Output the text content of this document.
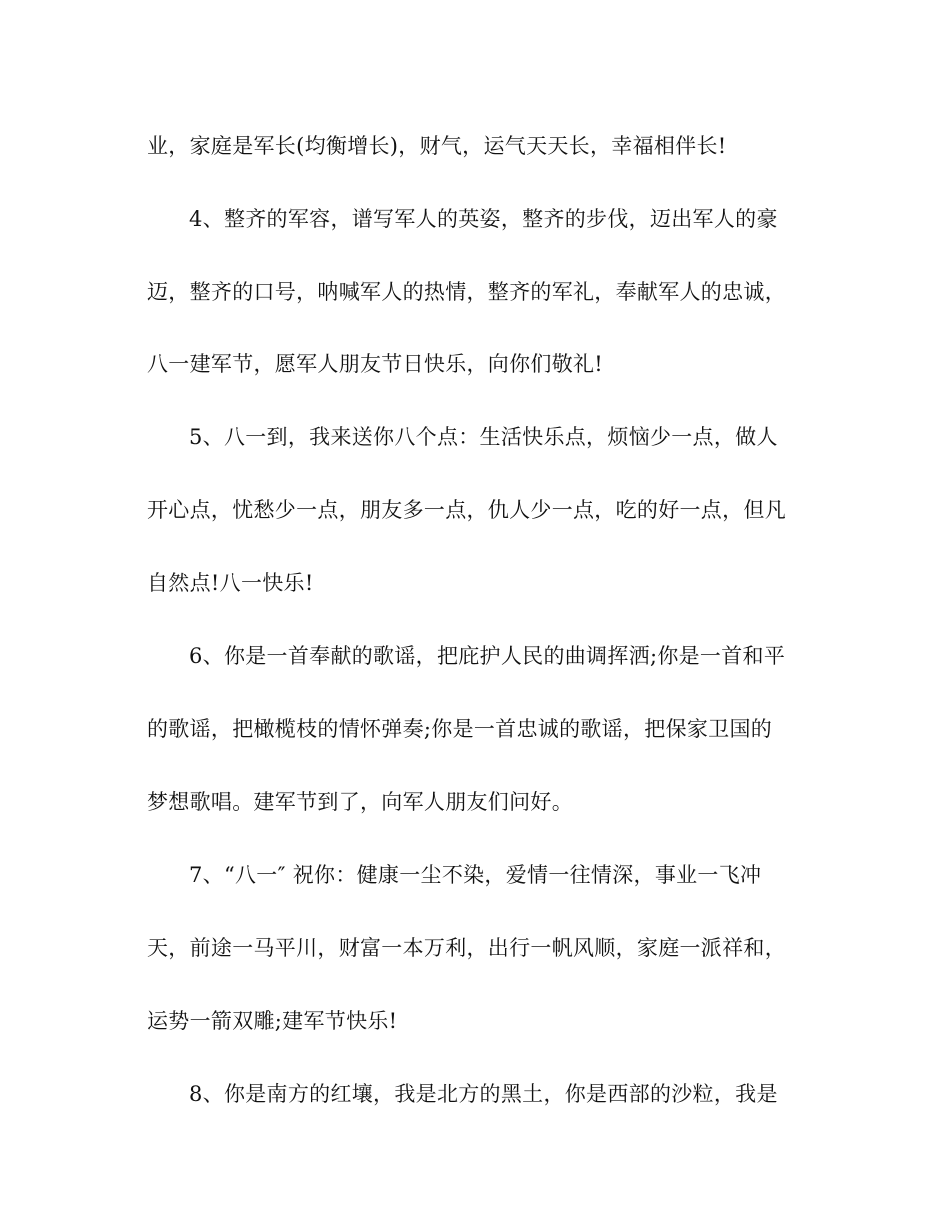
业，家庭是军长(均衡增长)，财气，运气天天长，幸福相伴长!
4、整齐的军容，谱写军人的英姿，整齐的步伐，迈出军人的豪
迈，整齐的口号，呐喊军人的热情，整齐的军礼，奉献军人的忠诚，
八一建军节，愿军人朋友节日快乐，向你们敬礼!
5、八一到，我来送你八个点：生活快乐点，烦恼少一点，做人
开心点，忧愁少一点，朋友多一点，仇人少一点，吃的好一点，但凡
自然点!八一快乐!
6、你是一首奉献的歌谣，把庇护人民的曲调挥洒;你是一首和平
的歌谣，把橄榄枝的情怀弹奏;你是一首忠诚的歌谣，把保家卫国的
梦想歌唱。建军节到了，向军人朋友们问好。
7、“八一″ 祝你：健康一尘不染，爱情一往情深，事业一飞冲
天，前途一马平川，财富一本万利，出行一帆风顺，家庭一派祥和，
运势一箭双雕;建军节快乐!
8、你是南方的红壤，我是北方的黑土，你是西部的沙粒，我是
